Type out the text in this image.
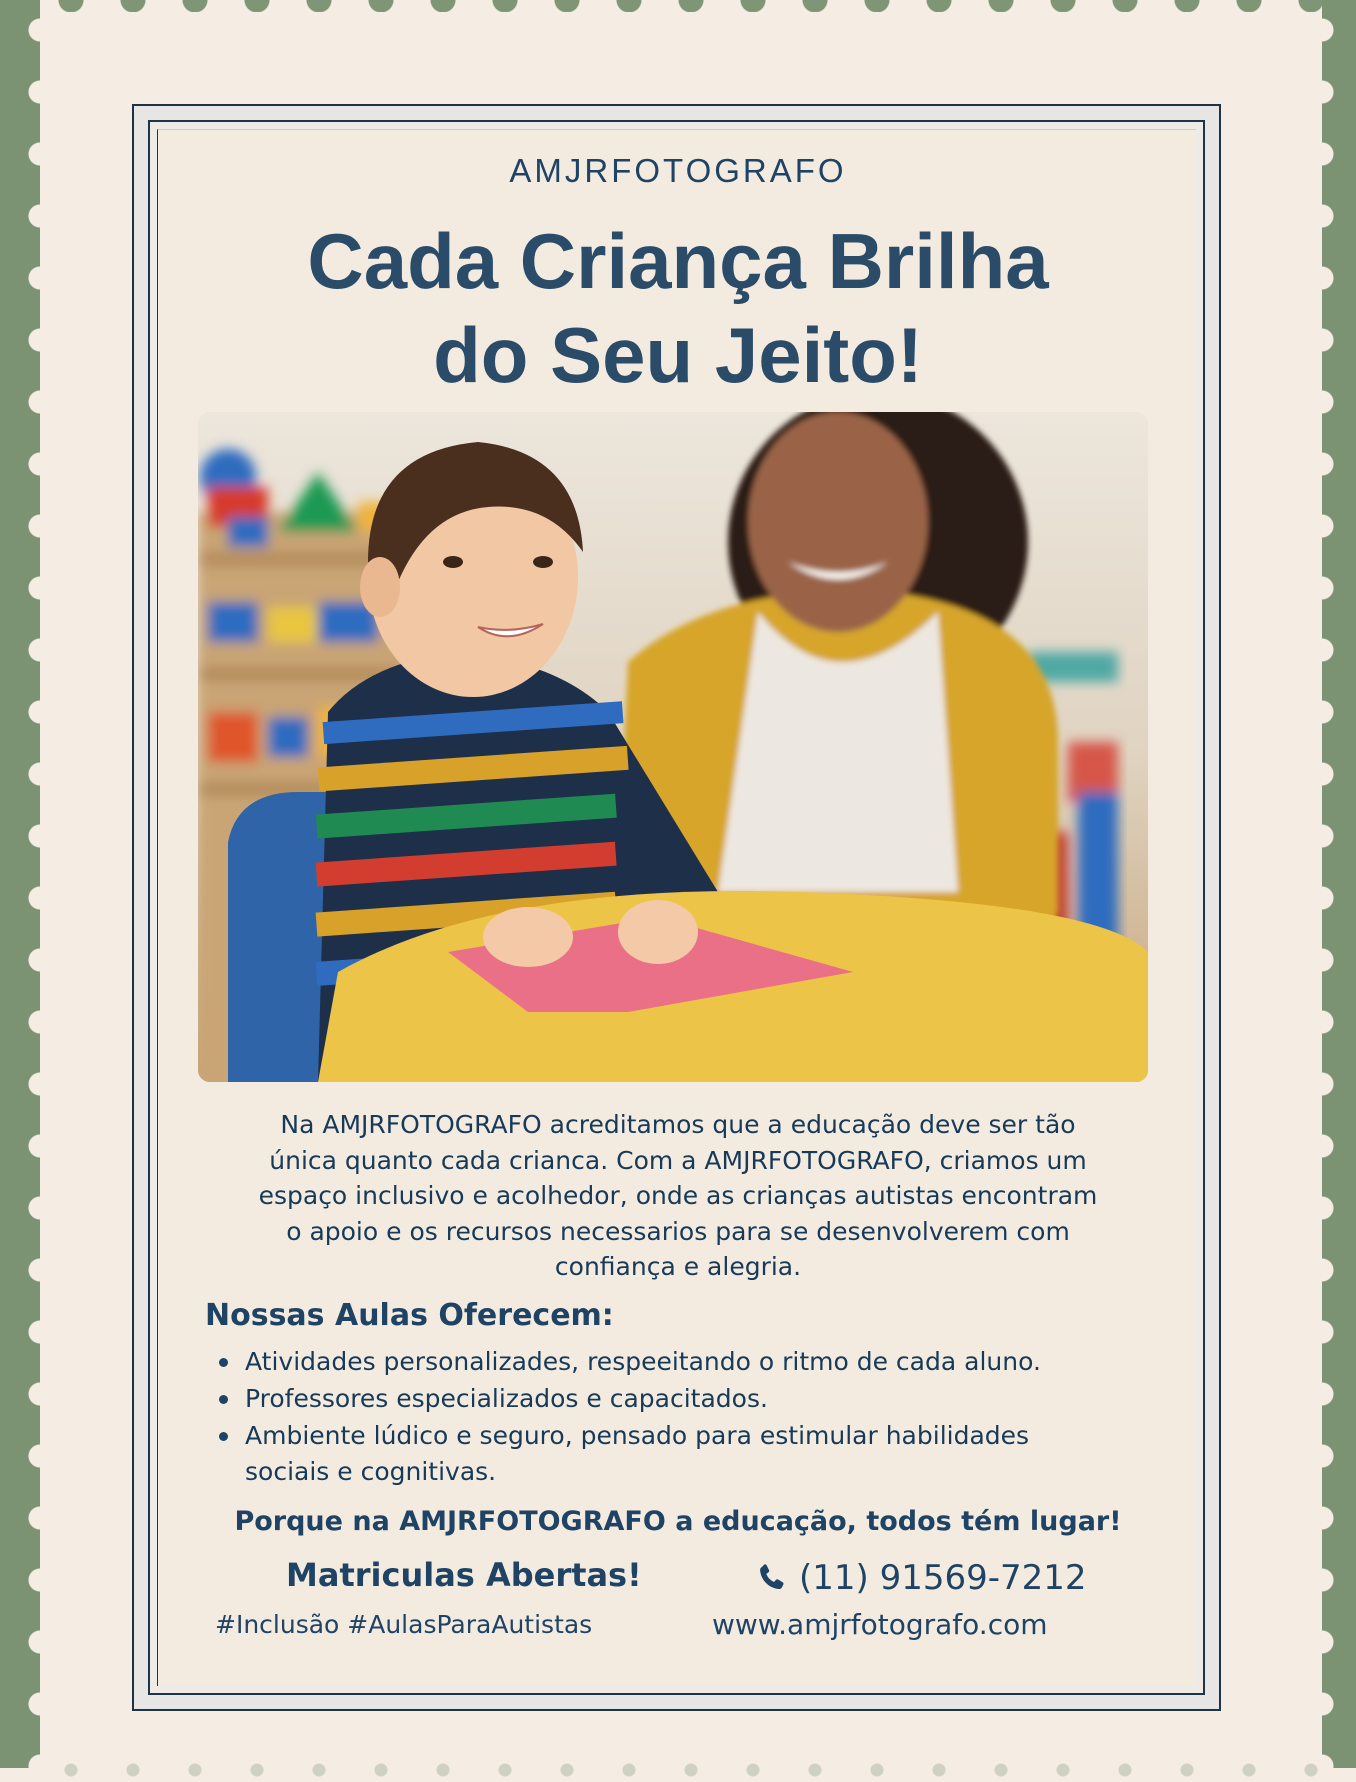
AMJRFOTOGRAFO
Cada Criança Brilha
do Seu Jeito!
Na AMJRFOTOGRAFO acreditamos que a educação deve ser tão
única quanto cada crianca. Com a AMJRFOTOGRAFO, criamos um
espaço inclusivo e acolhedor, onde as crianças autistas encontram
o apoio e os recursos necessarios para se desenvolverem com
confiança e alegria.
Nossas Aulas Oferecem:
Atividades personalizades, respeeitando o ritmo de cada aluno.
Professores especializados e capacitados.
Ambiente lúdico e seguro, pensado para estimular habilidades
sociais e cognitivas.
Porque na AMJRFOTOGRAFO a educação, todos tém lugar!
Matriculas Abertas!	(11) 91569-7212
#Inclusão #AulasParaAutistas	www.amjrfotografo.com
